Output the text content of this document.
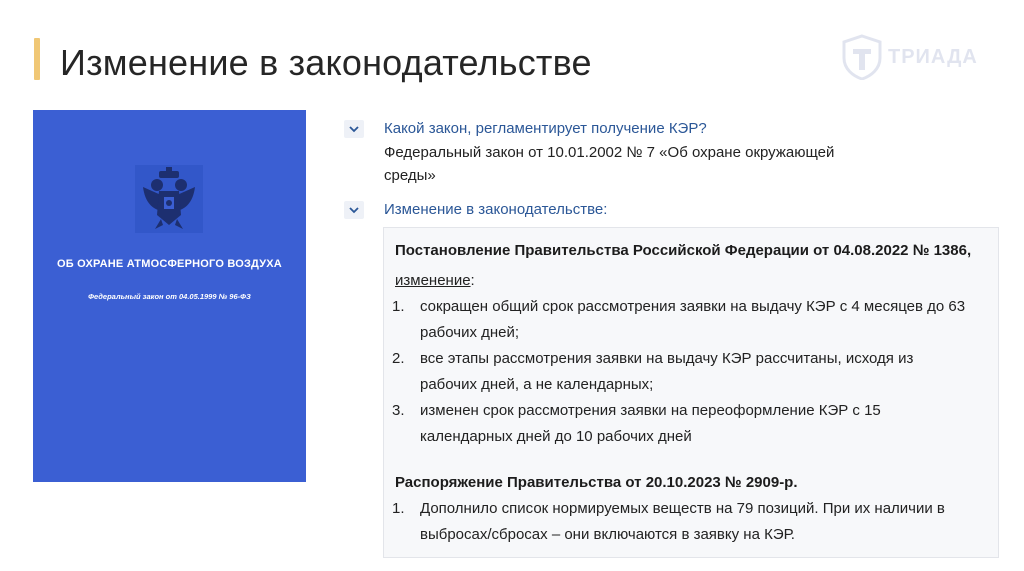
Изменение в законодательстве	ТРИАДА
ОБ ОХРАНЕ АТМОСФЕРНОГО ВОЗДУХА
Федеральный закон от 04.05.1999 № 96-ФЗ
Какой закон, регламентирует получение КЭР?
Федеральный закон от 10.01.2002 № 7 «Об охране окружающей среды»
Изменение в законодательстве:
Постановление Правительства Российской Федерации от 04.08.2022 № 1386,
изменение:
1. сокращен общий срок рассмотрения заявки на выдачу КЭР с 4 месяцев до 63 рабочих дней;
2. все этапы рассмотрения заявки на выдачу КЭР рассчитаны, исходя из рабочих дней, а не календарных;
3. изменен срок рассмотрения заявки на переоформление КЭР с 15 календарных дней до 10 рабочих дней
Распоряжение Правительства от 20.10.2023 № 2909-р.
1. Дополнило список нормируемых веществ на 79 позиций. При их наличии в выбросах/сбросах – они включаются в заявку на КЭР.
